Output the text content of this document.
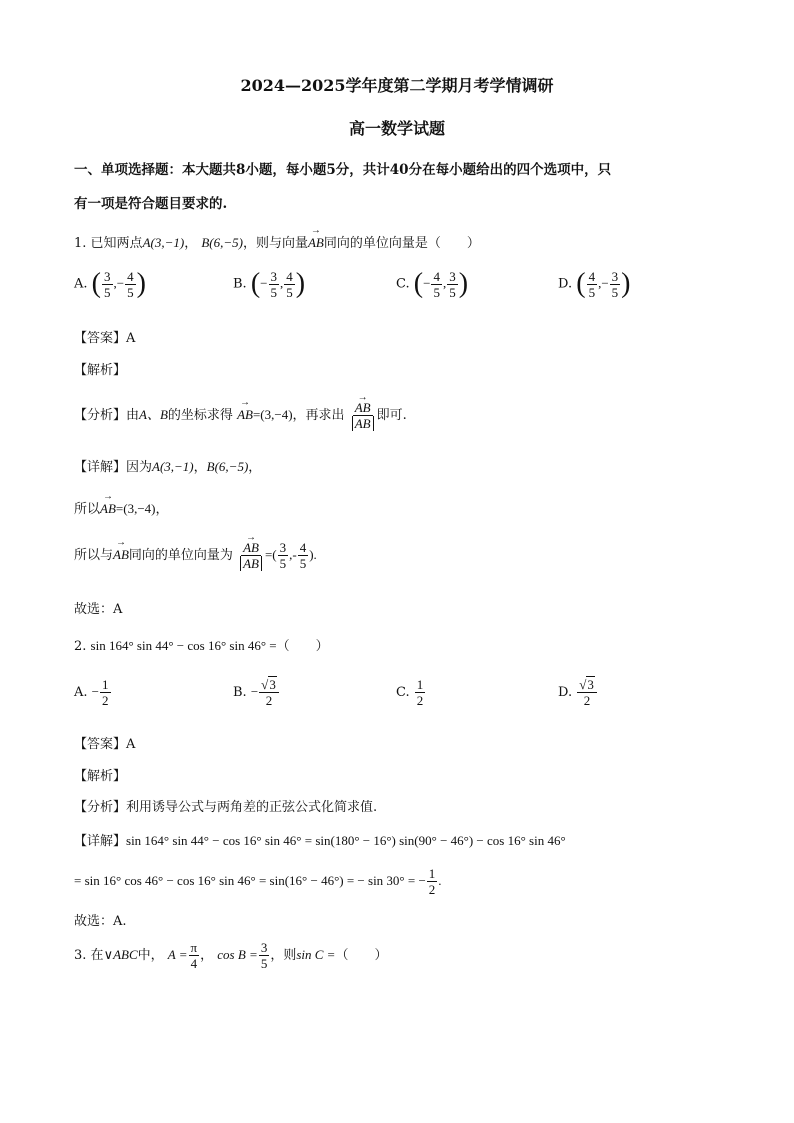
2024—2025学年度第二学期月考学情调研
高一数学试题
一、单项选择题：本大题共8小题，每小题5分，共计40分在每小题给出的四个选项中，只
有一项是符合题目要求的.
1. 已知两点A(3,−1)， B(6,−5)，则与向量→ AB同向的单位向量是（　　）
A. ( $\frac{3}{5}$ ,− $\frac{4}{5}$ )	B. (− $\frac{3}{5}$ , $\frac{4}{5}$ )	C. (− $\frac{4}{5}$ , $\frac{3}{5}$ )	D. ( $\frac{4}{5}$ ,− $\frac{3}{5}$ )
【答案】A
【解析】
【分析】由A、B的坐标求得 → AB=(3,−4)，再求出 → $\frac{AB}{AB}$ 即可.
【详解】因为A(3,−1)，B(6,−5)，
所以→ AB=(3,−4)，
所以与→ AB同向的单位向量为 → $\frac{AB}{AB}$ =( $\frac{3}{5}$ ,- $\frac{4}{5}$ ).
故选：A
2. sin 164° sin 44° − cos 16° sin 46° =（　　）
A. − $\frac{1}{2}$	B. − $\frac{√3}{2}$	C. $\frac{1}{2}$	D. $\frac{√3}{2}$
【答案】A
【解析】
【分析】利用诱导公式与两角差的正弦公式化简求值.
【详解】sin 164° sin 44° − cos 16° sin 46° = sin(180° − 16°) sin(90° − 46°) − cos 16° sin 46°
= sin 16° cos 46° − cos 16° sin 46° = sin(16° − 46°) = − sin 30° = − $\frac{1}{2}$ .
故选：A.
3. 在∨ABC中， $A = \frac{\pi}{4}$ ， $\cos B = \frac{3}{5}$ ，则sin C =（　　）
